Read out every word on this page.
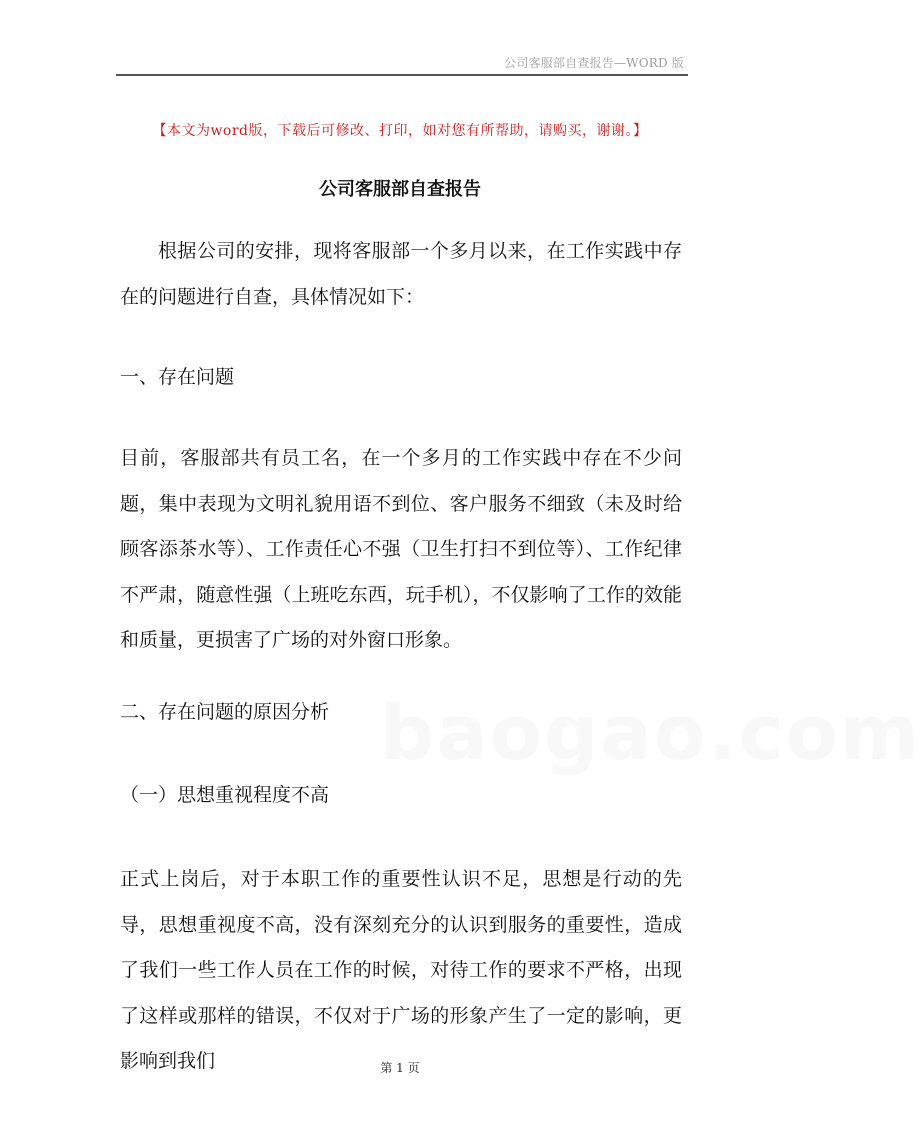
公司客服部自查报告—WORD 版
【本文为word版，下载后可修改、打印，如对您有所帮助，请购买，谢谢。】
公司客服部自查报告
根据公司的安排，现将客服部一个多月以来，在工作实践中存在的问题进行自查，具体情况如下：
一、存在问题
目前，客服部共有员工名，在一个多月的工作实践中存在不少问题，集中表现为文明礼貌用语不到位、客户服务不细致（未及时给顾客添茶水等）、工作责任心不强（卫生打扫不到位等）、工作纪律不严肃，随意性强（上班吃东西，玩手机），不仅影响了工作的效能和质量，更损害了广场的对外窗口形象。
二、存在问题的原因分析
（一）思想重视程度不高
正式上岗后，对于本职工作的重要性认识不足，思想是行动的先导，思想重视度不高，没有深刻充分的认识到服务的重要性，造成了我们一些工作人员在工作的时候，对待工作的要求不严格，出现了这样或那样的错误，不仅对于广场的形象产生了一定的影响，更影响到我们
baogao.com
第 1 页
